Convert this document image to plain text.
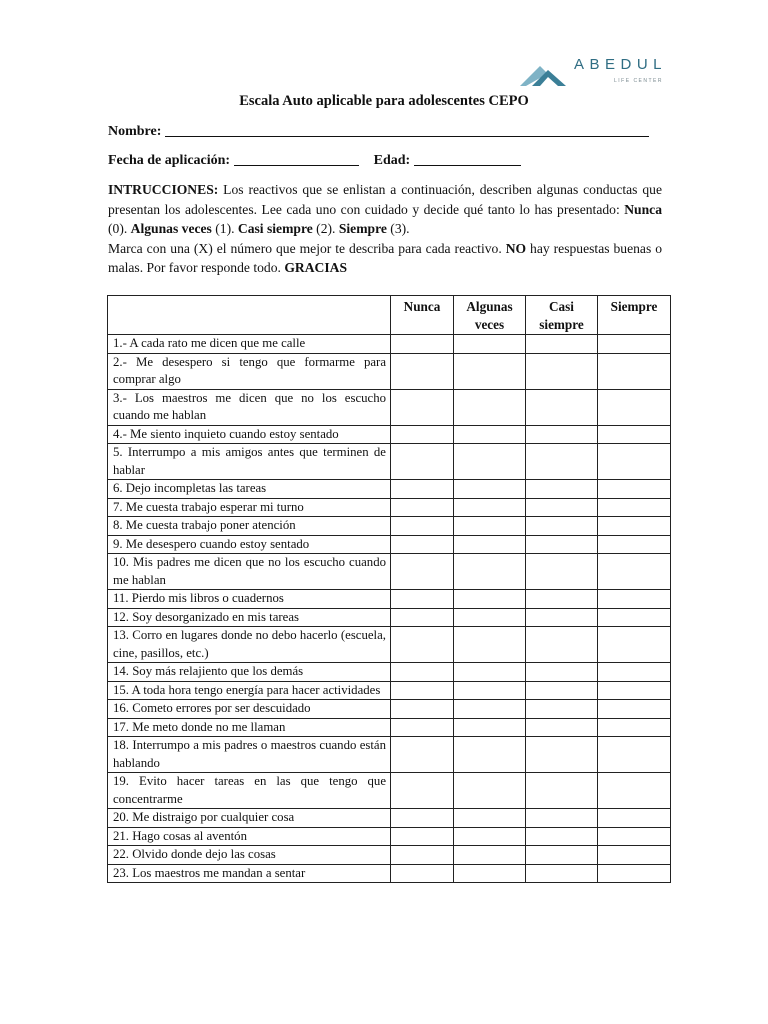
ABEDUL
LIFE CENTER
Escala Auto aplicable para adolescentes CEPO
Nombre:
Fecha de aplicación:	Edad:
INTRUCCIONES: Los reactivos que se enlistan a continuación, describen algunas conductas que presentan los adolescentes. Lee cada uno con cuidado y decide qué tanto lo has presentado: Nunca (0). Algunas veces (1). Casi siempre (2). Siempre (3).
Marca con una (X) el número que mejor te describa para cada reactivo. NO hay respuestas buenas o malas. Por favor responde todo. GRACIAS
	Nunca	Algunas veces	Casi siempre	Siempre
1.- A cada rato me dicen que me calle				
2.- Me desespero si tengo que formarme para comprar algo				
3.- Los maestros me dicen que no los escucho cuando me hablan				
4.- Me siento inquieto cuando estoy sentado				
5. Interrumpo a mis amigos antes que terminen de hablar				
6. Dejo incompletas las tareas				
7. Me cuesta trabajo esperar mi turno				
8. Me cuesta trabajo poner atención				
9. Me desespero cuando estoy sentado				
10. Mis padres me dicen que no los escucho cuando me hablan				
11. Pierdo mis libros o cuadernos				
12. Soy desorganizado en mis tareas				
13. Corro en lugares donde no debo hacerlo (escuela, cine, pasillos, etc.)				
14. Soy más relajiento que los demás				
15. A toda hora tengo energía para hacer actividades				
16. Cometo errores por ser descuidado				
17. Me meto donde no me llaman				
18. Interrumpo a mis padres o maestros cuando están hablando				
19. Evito hacer tareas en las que tengo que concentrarme				
20. Me distraigo por cualquier cosa				
21. Hago cosas al aventón				
22. Olvido donde dejo las cosas				
23. Los maestros me mandan a sentar				
